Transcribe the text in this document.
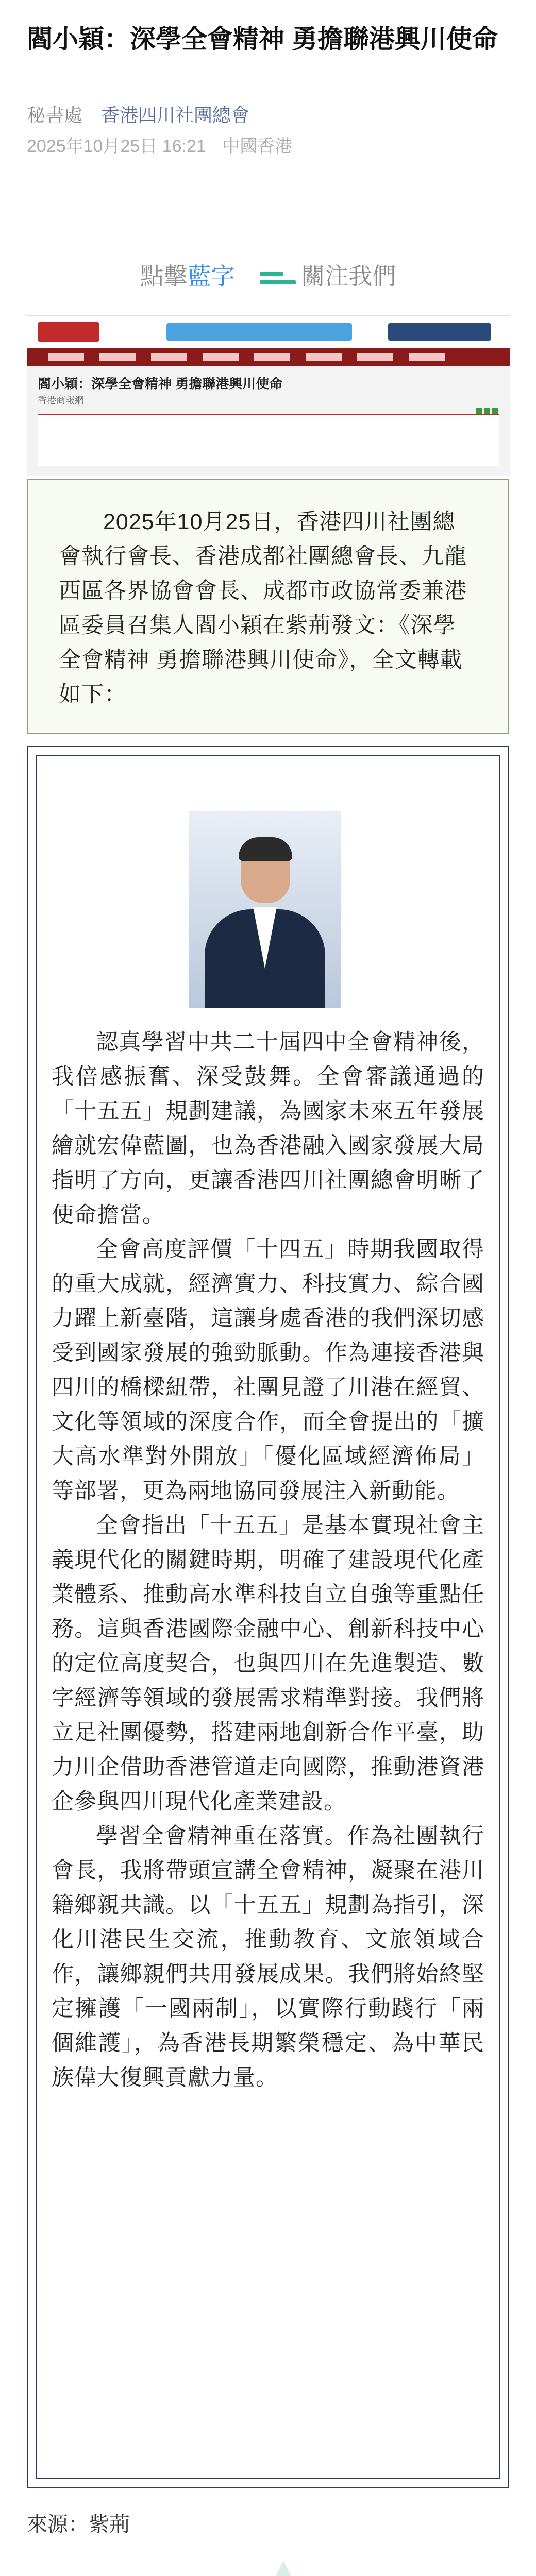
閻小穎：深學全會精神 勇擔聯港興川使命
秘書處 香港四川社團總會
2025年10月25日 16:21 中國香港
點擊藍字	關注我們
閻小穎：深學全會精神 勇擔聯港興川使命
香港商報網

2025年10月25日，香港四川社團總會執行會長、香港成都社團總會長、九龍西區各界協會會長、成都市政協常委兼港區委員召集人閻小穎在紫荊發文：《深學全會精神 勇擔聯港興川使命》，全文轉載如下：

認真學習中共二十屆四中全會精神後，我倍感振奮、深受鼓舞。全會審議通過的「十五五」規劃建議，為國家未來五年發展繪就宏偉藍圖，也為香港融入國家發展大局指明了方向，更讓香港四川社團總會明晰了使命擔當。

全會高度評價「十四五」時期我國取得的重大成就，經濟實力、科技實力、綜合國力躍上新臺階，這讓身處香港的我們深切感受到國家發展的強勁脈動。作為連接香港與四川的橋樑紐帶，社團見證了川港在經貿、文化等領域的深度合作，而全會提出的「擴大高水準對外開放」「優化區域經濟佈局」等部署，更為兩地協同發展注入新動能。

全會指出「十五五」是基本實現社會主義現代化的關鍵時期，明確了建設現代化產業體系、推動高水準科技自立自強等重點任務。這與香港國際金融中心、創新科技中心的定位高度契合，也與四川在先進製造、數字經濟等領域的發展需求精準對接。我們將立足社團優勢，搭建兩地創新合作平臺，助力川企借助香港管道走向國際，推動港資港企參與四川現代化產業建設。

學習全會精神重在落實。作為社團執行會長，我將帶頭宣講全會精神，凝聚在港川籍鄉親共識。以「十五五」規劃為指引，深化川港民生交流，推動教育、文旅領域合作，讓鄉親們共用發展成果。我們將始終堅定擁護「一國兩制」，以實際行動踐行「兩個維護」，為香港長期繁榮穩定、為中華民族偉大復興貢獻力量。

來源：紫荊
